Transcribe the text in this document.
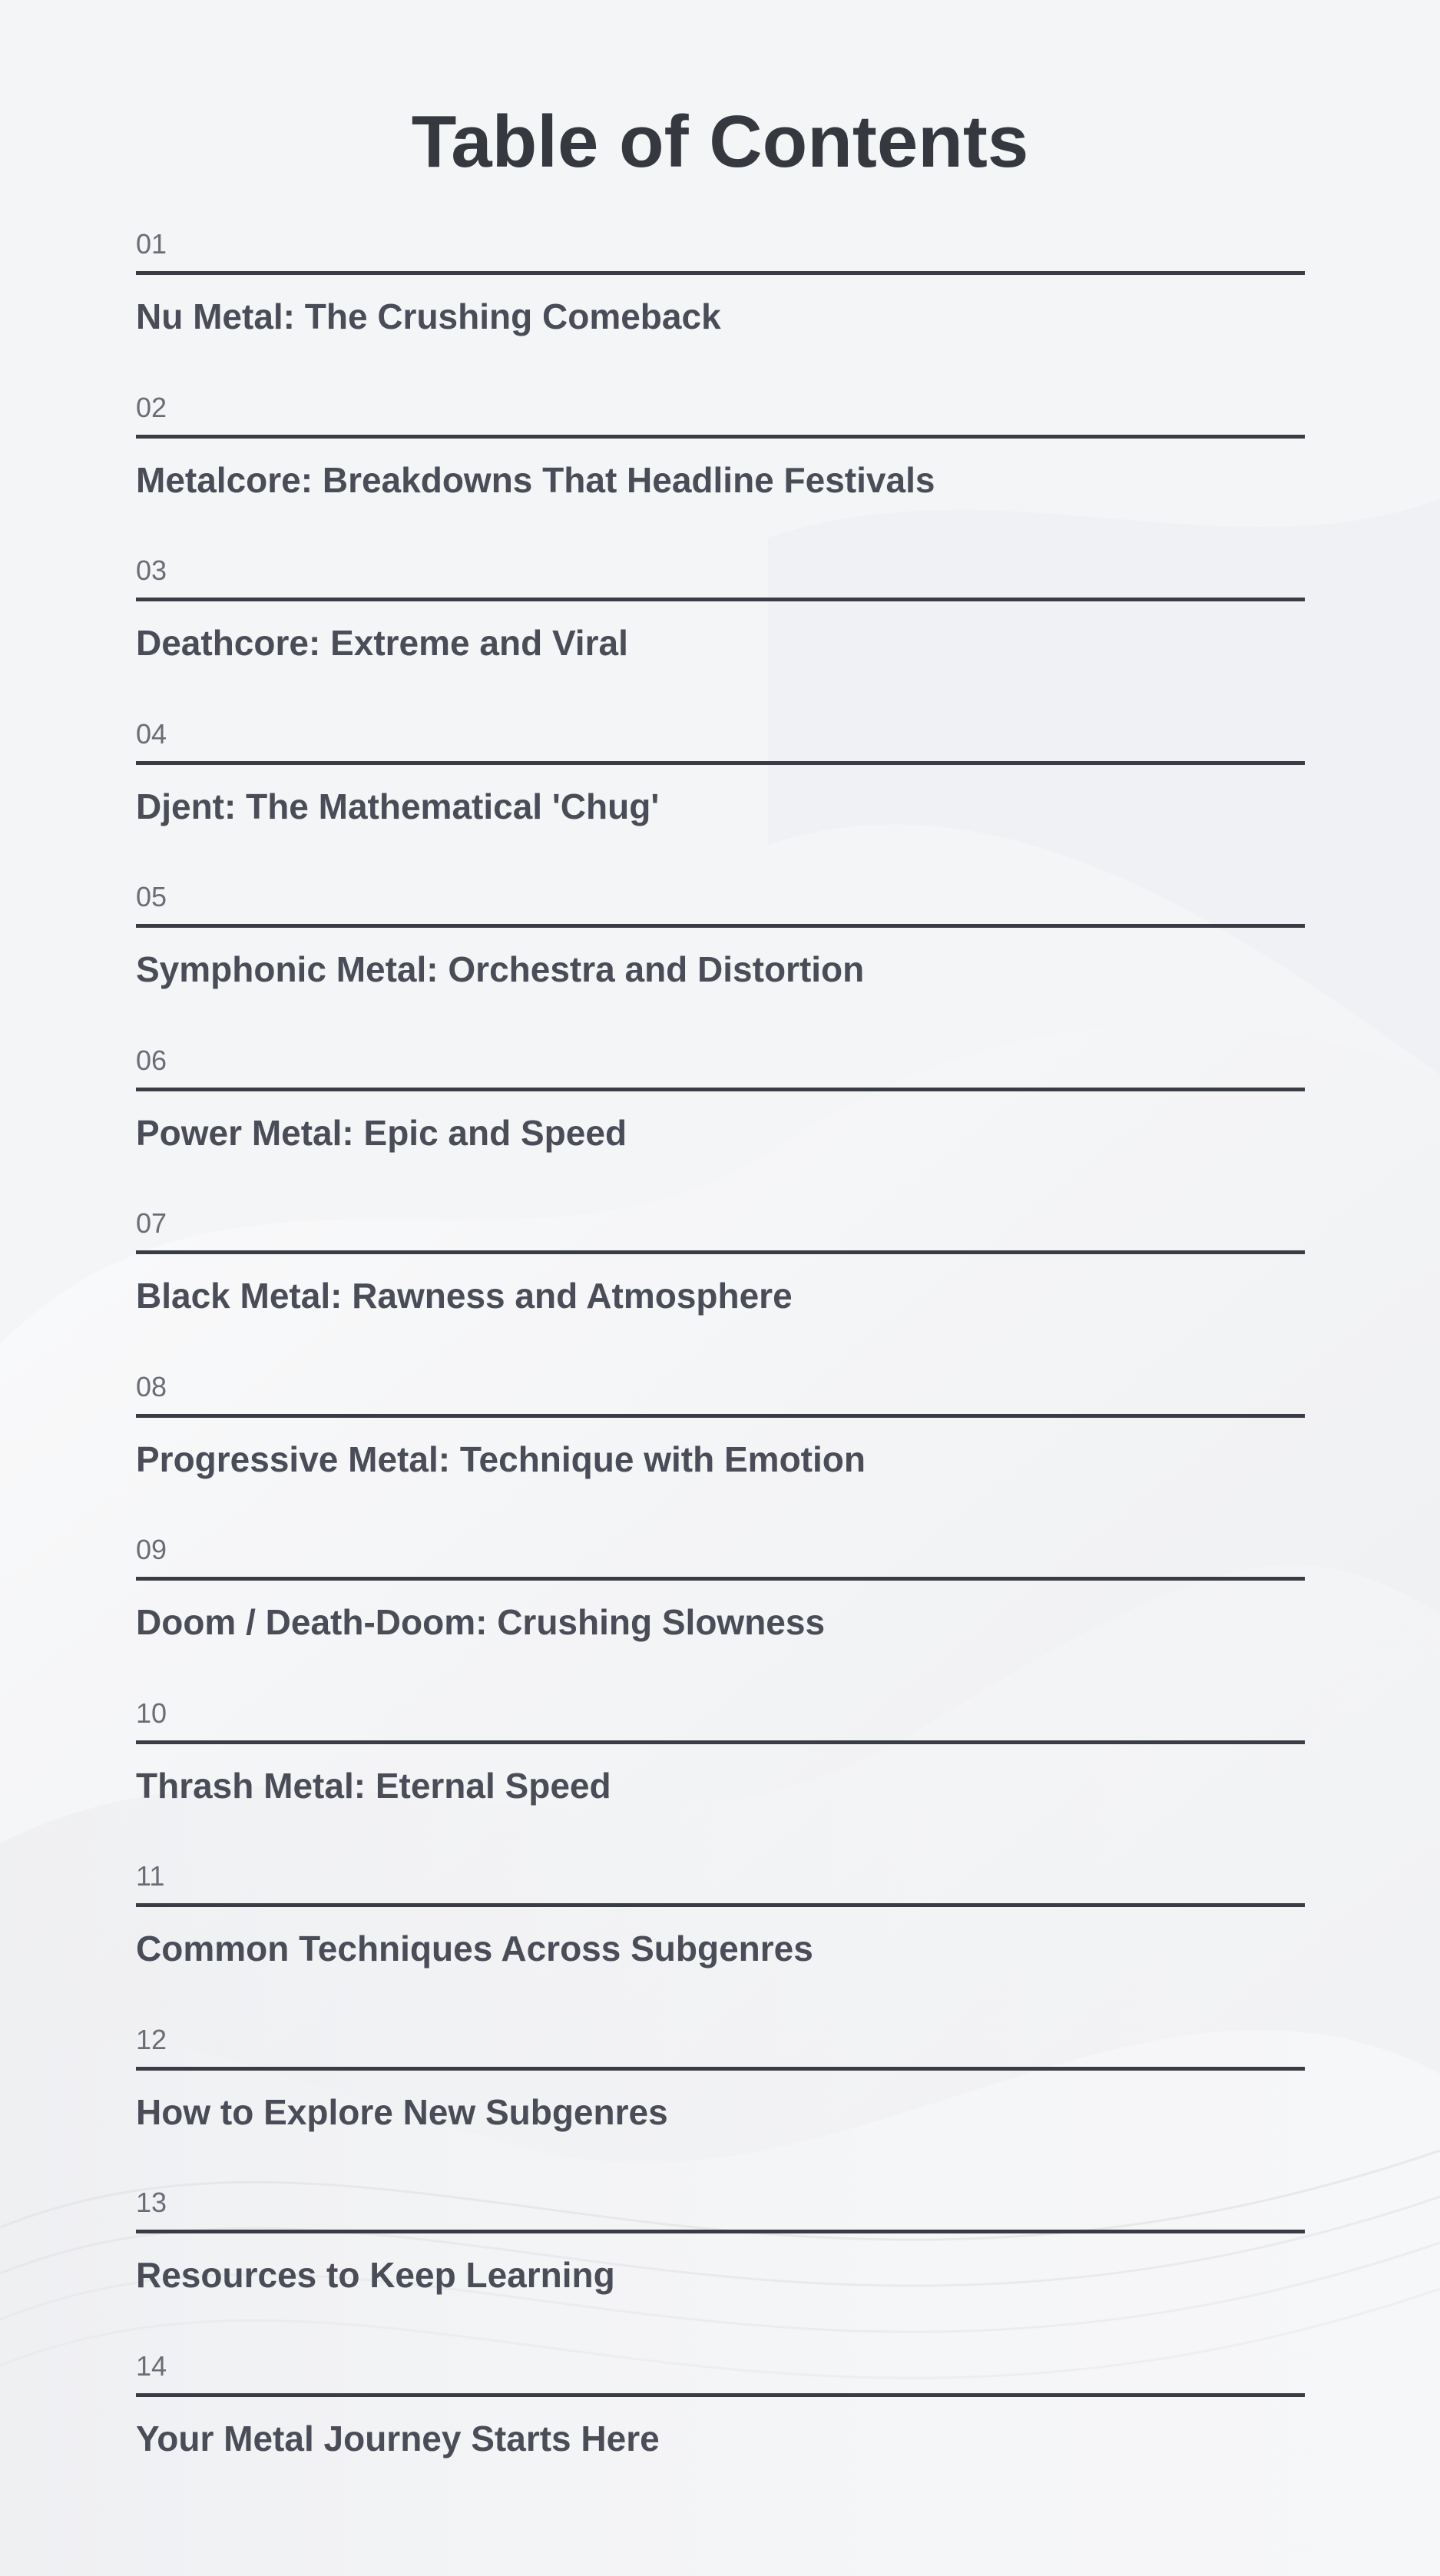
Table of Contents
01
Nu Metal: The Crushing Comeback
02
Metalcore: Breakdowns That Headline Festivals
03
Deathcore: Extreme and Viral
04
Djent: The Mathematical 'Chug'
05
Symphonic Metal: Orchestra and Distortion
06
Power Metal: Epic and Speed
07
Black Metal: Rawness and Atmosphere
08
Progressive Metal: Technique with Emotion
09
Doom / Death-Doom: Crushing Slowness
10
Thrash Metal: Eternal Speed
11
Common Techniques Across Subgenres
12
How to Explore New Subgenres
13
Resources to Keep Learning
14
Your Metal Journey Starts Here
